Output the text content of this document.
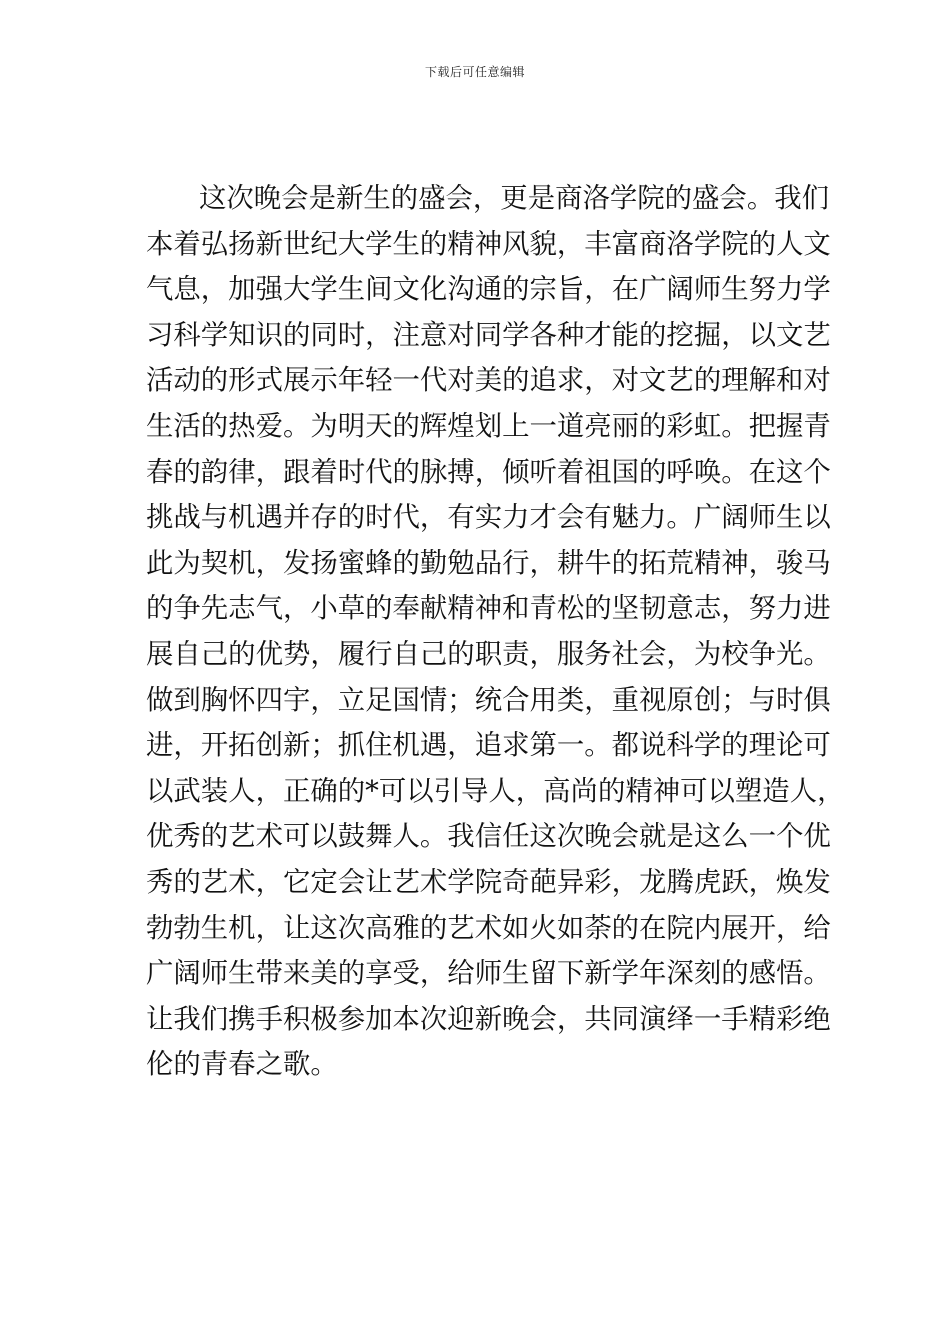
下载后可任意编辑
这次晚会是新生的盛会，更是商洛学院的盛会。我们
本着弘扬新世纪大学生的精神风貌，丰富商洛学院的人文
气息，加强大学生间文化沟通的宗旨，在广阔师生努力学
习科学知识的同时，注意对同学各种才能的挖掘，以文艺
活动的形式展示年轻一代对美的追求，对文艺的理解和对
生活的热爱。为明天的辉煌划上一道亮丽的彩虹。把握青
春的韵律，跟着时代的脉搏，倾听着祖国的呼唤。在这个
挑战与机遇并存的时代，有实力才会有魅力。广阔师生以
此为契机，发扬蜜蜂的勤勉品行，耕牛的拓荒精神，骏马
的争先志气，小草的奉献精神和青松的坚韧意志，努力进
展自己的优势，履行自己的职责，服务社会，为校争光。
做到胸怀四宇，立足国情；统合用类，重视原创；与时俱
进，开拓创新；抓住机遇，追求第一。都说科学的理论可
以武装人，正确的*可以引导人，高尚的精神可以塑造人，
优秀的艺术可以鼓舞人。我信任这次晚会就是这么一个优
秀的艺术，它定会让艺术学院奇葩异彩，龙腾虎跃，焕发
勃勃生机，让这次高雅的艺术如火如荼的在院内展开，给
广阔师生带来美的享受，给师生留下新学年深刻的感悟。
让我们携手积极参加本次迎新晚会，共同演绎一手精彩绝
伦的青春之歌。
